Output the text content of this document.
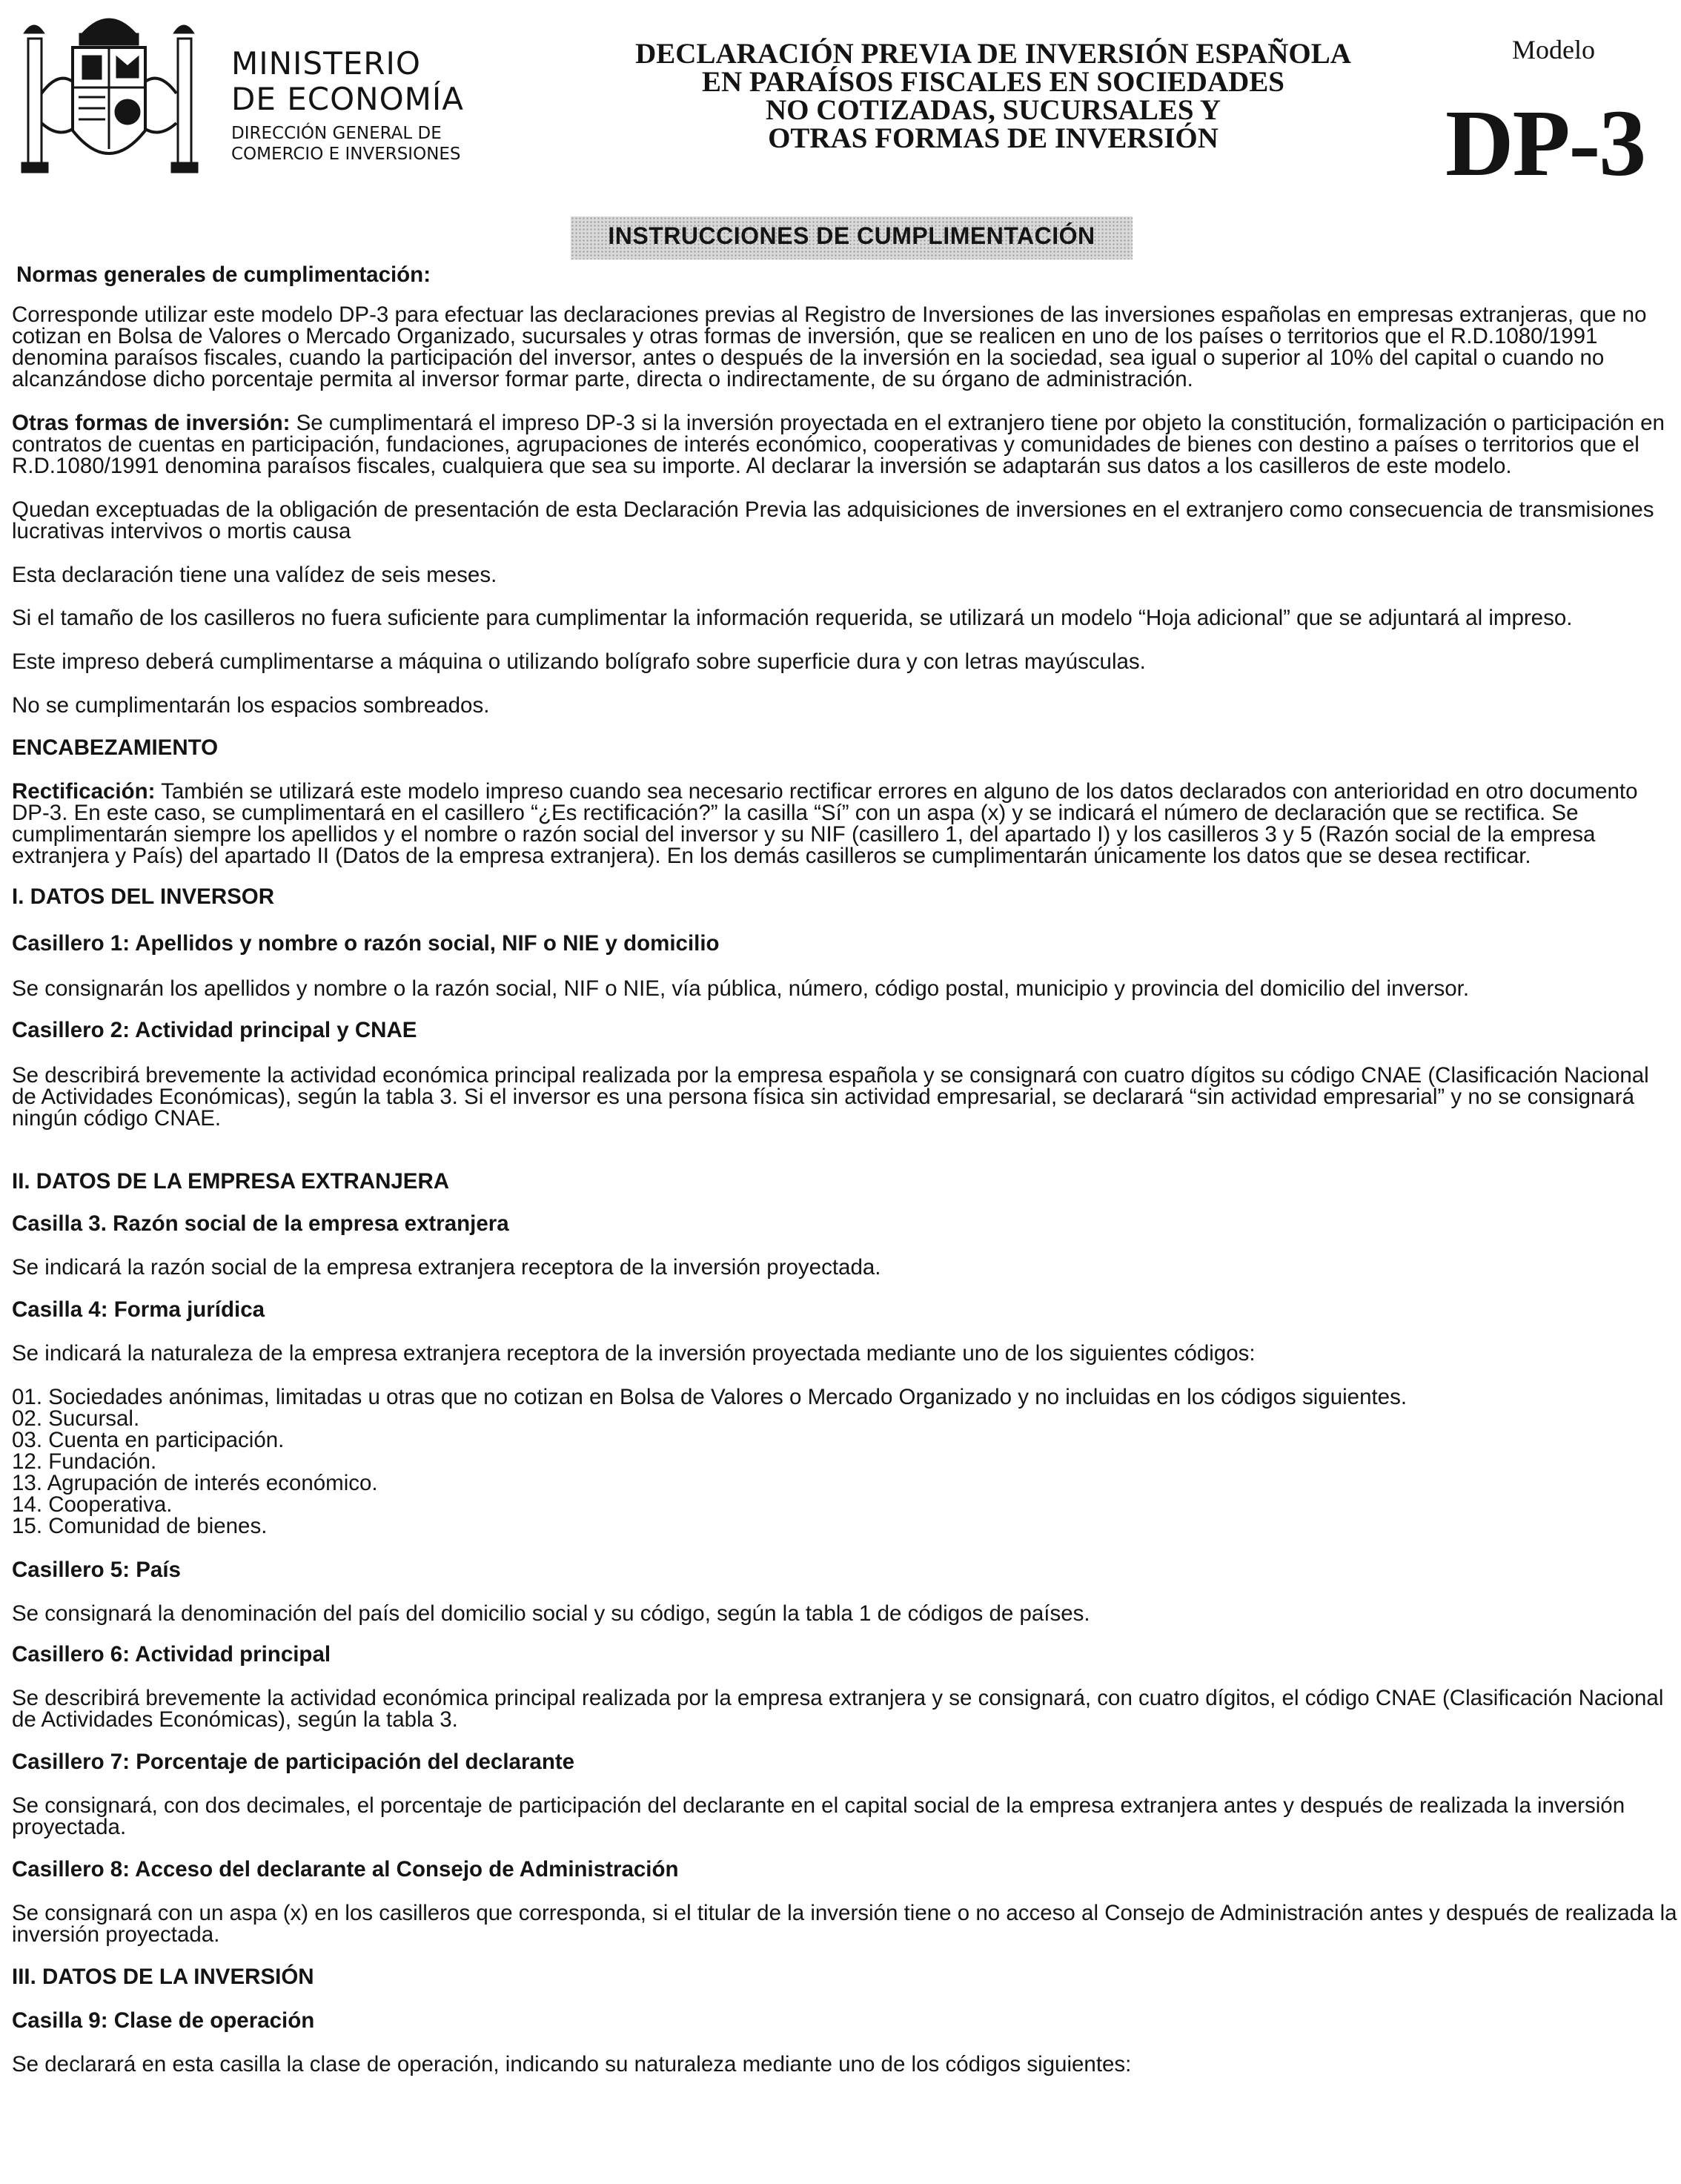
MINISTERIO
DE ECONOMÍA
DIRECCIÓN GENERAL DE
COMERCIO E INVERSIONES
DECLARACIÓN PREVIA DE INVERSIÓN ESPAÑOLA
EN PARAÍSOS FISCALES EN SOCIEDADES
NO COTIZADAS, SUCURSALES Y
OTRAS FORMAS DE INVERSIÓN
Modelo
DP-3
INSTRUCCIONES DE CUMPLIMENTACIÓN

Normas generales de cumplimentación:

Corresponde utilizar este modelo DP-3 para efectuar las declaraciones previas al Registro de Inversiones de las inversiones españolas en empresas extranjeras, que no cotizan en Bolsa de Valores o Mercado Organizado, sucursales y otras formas de inversión, que se realicen en uno de los países o territorios que el R.D.1080/1991 denomina paraísos fiscales, cuando la participación del inversor, antes o después de la inversión en la sociedad, sea igual o superior al 10% del capital o cuando no alcanzándose dicho porcentaje permita al inversor formar parte, directa o indirectamente, de su órgano de administración.

Otras formas de inversión: Se cumplimentará el impreso DP-3 si la inversión proyectada en el extranjero tiene por objeto la constitución, formalización o participación en contratos de cuentas en participación, fundaciones, agrupaciones de interés económico, cooperativas y comunidades de bienes con destino a países o territorios que el R.D.1080/1991 denomina paraísos fiscales, cualquiera que sea su importe. Al declarar la inversión se adaptarán sus datos a los casilleros de este modelo.

Quedan exceptuadas de la obligación de presentación de esta Declaración Previa las adquisiciones de inversiones en el extranjero como consecuencia de transmisiones lucrativas intervivos o mortis causa

Esta declaración tiene una valídez de seis meses.

Si el tamaño de los casilleros no fuera suficiente para cumplimentar la información requerida, se utilizará un modelo “Hoja adicional” que se adjuntará al impreso.

Este impreso deberá cumplimentarse a máquina o utilizando bolígrafo sobre superficie dura y con letras mayúsculas.

No se cumplimentarán los espacios sombreados.

ENCABEZAMIENTO

Rectificación: También se utilizará este modelo impreso cuando sea necesario rectificar errores en alguno de los datos declarados con anterioridad en otro documento DP-3. En este caso, se cumplimentará en el casillero “¿Es rectificación?” la casilla “Sí” con un aspa (x) y se indicará el número de declaración que se rectifica. Se cumplimentarán siempre los apellidos y el nombre o razón social del inversor y su NIF (casillero 1, del apartado I) y los casilleros 3 y 5 (Razón social de la empresa extranjera y País) del apartado II (Datos de la empresa extranjera). En los demás casilleros se cumplimentarán únicamente los datos que se desea rectificar.

I. DATOS DEL INVERSOR

Casillero 1: Apellidos y nombre o razón social, NIF o NIE y domicilio

Se consignarán los apellidos y nombre o la razón social, NIF o NIE, vía pública, número, código postal, municipio y provincia del domicilio del inversor.

Casillero 2: Actividad principal y CNAE

Se describirá brevemente la actividad económica principal realizada por la empresa española y se consignará con cuatro dígitos su código CNAE (Clasificación Nacional de Actividades Económicas), según la tabla 3. Si el inversor es una persona física sin actividad empresarial, se declarará “sin actividad empresarial” y no se consignará ningún código CNAE.

II. DATOS DE LA EMPRESA EXTRANJERA

Casilla 3. Razón social de la empresa extranjera

Se indicará la razón social de la empresa extranjera receptora de la inversión proyectada.

Casilla 4: Forma jurídica

Se indicará la naturaleza de la empresa extranjera receptora de la inversión proyectada mediante uno de los siguientes códigos:

01. Sociedades anónimas, limitadas u otras que no cotizan en Bolsa de Valores o Mercado Organizado y no incluidas en los códigos siguientes.
02. Sucursal.
03. Cuenta en participación.
12. Fundación.
13. Agrupación de interés económico.
14. Cooperativa.
15. Comunidad de bienes.

Casillero 5: País

Se consignará la denominación del país del domicilio social y su código, según la tabla 1 de códigos de países.

Casillero 6: Actividad principal

Se describirá brevemente la actividad económica principal realizada por la empresa extranjera y se consignará, con cuatro dígitos, el código CNAE (Clasificación Nacional de Actividades Económicas), según la tabla 3.

Casillero 7: Porcentaje de participación del declarante

Se consignará, con dos decimales, el porcentaje de participación del declarante en el capital social de la empresa extranjera antes y después de realizada la inversión proyectada.

Casillero 8: Acceso del declarante al Consejo de Administración

Se consignará con un aspa (x) en los casilleros que corresponda, si el titular de la inversión tiene o no acceso al Consejo de Administración antes y después de realizada la inversión proyectada.

III. DATOS DE LA INVERSIÓN

Casilla 9: Clase de operación

Se declarará en esta casilla la clase de operación, indicando su naturaleza mediante uno de los códigos siguientes:
